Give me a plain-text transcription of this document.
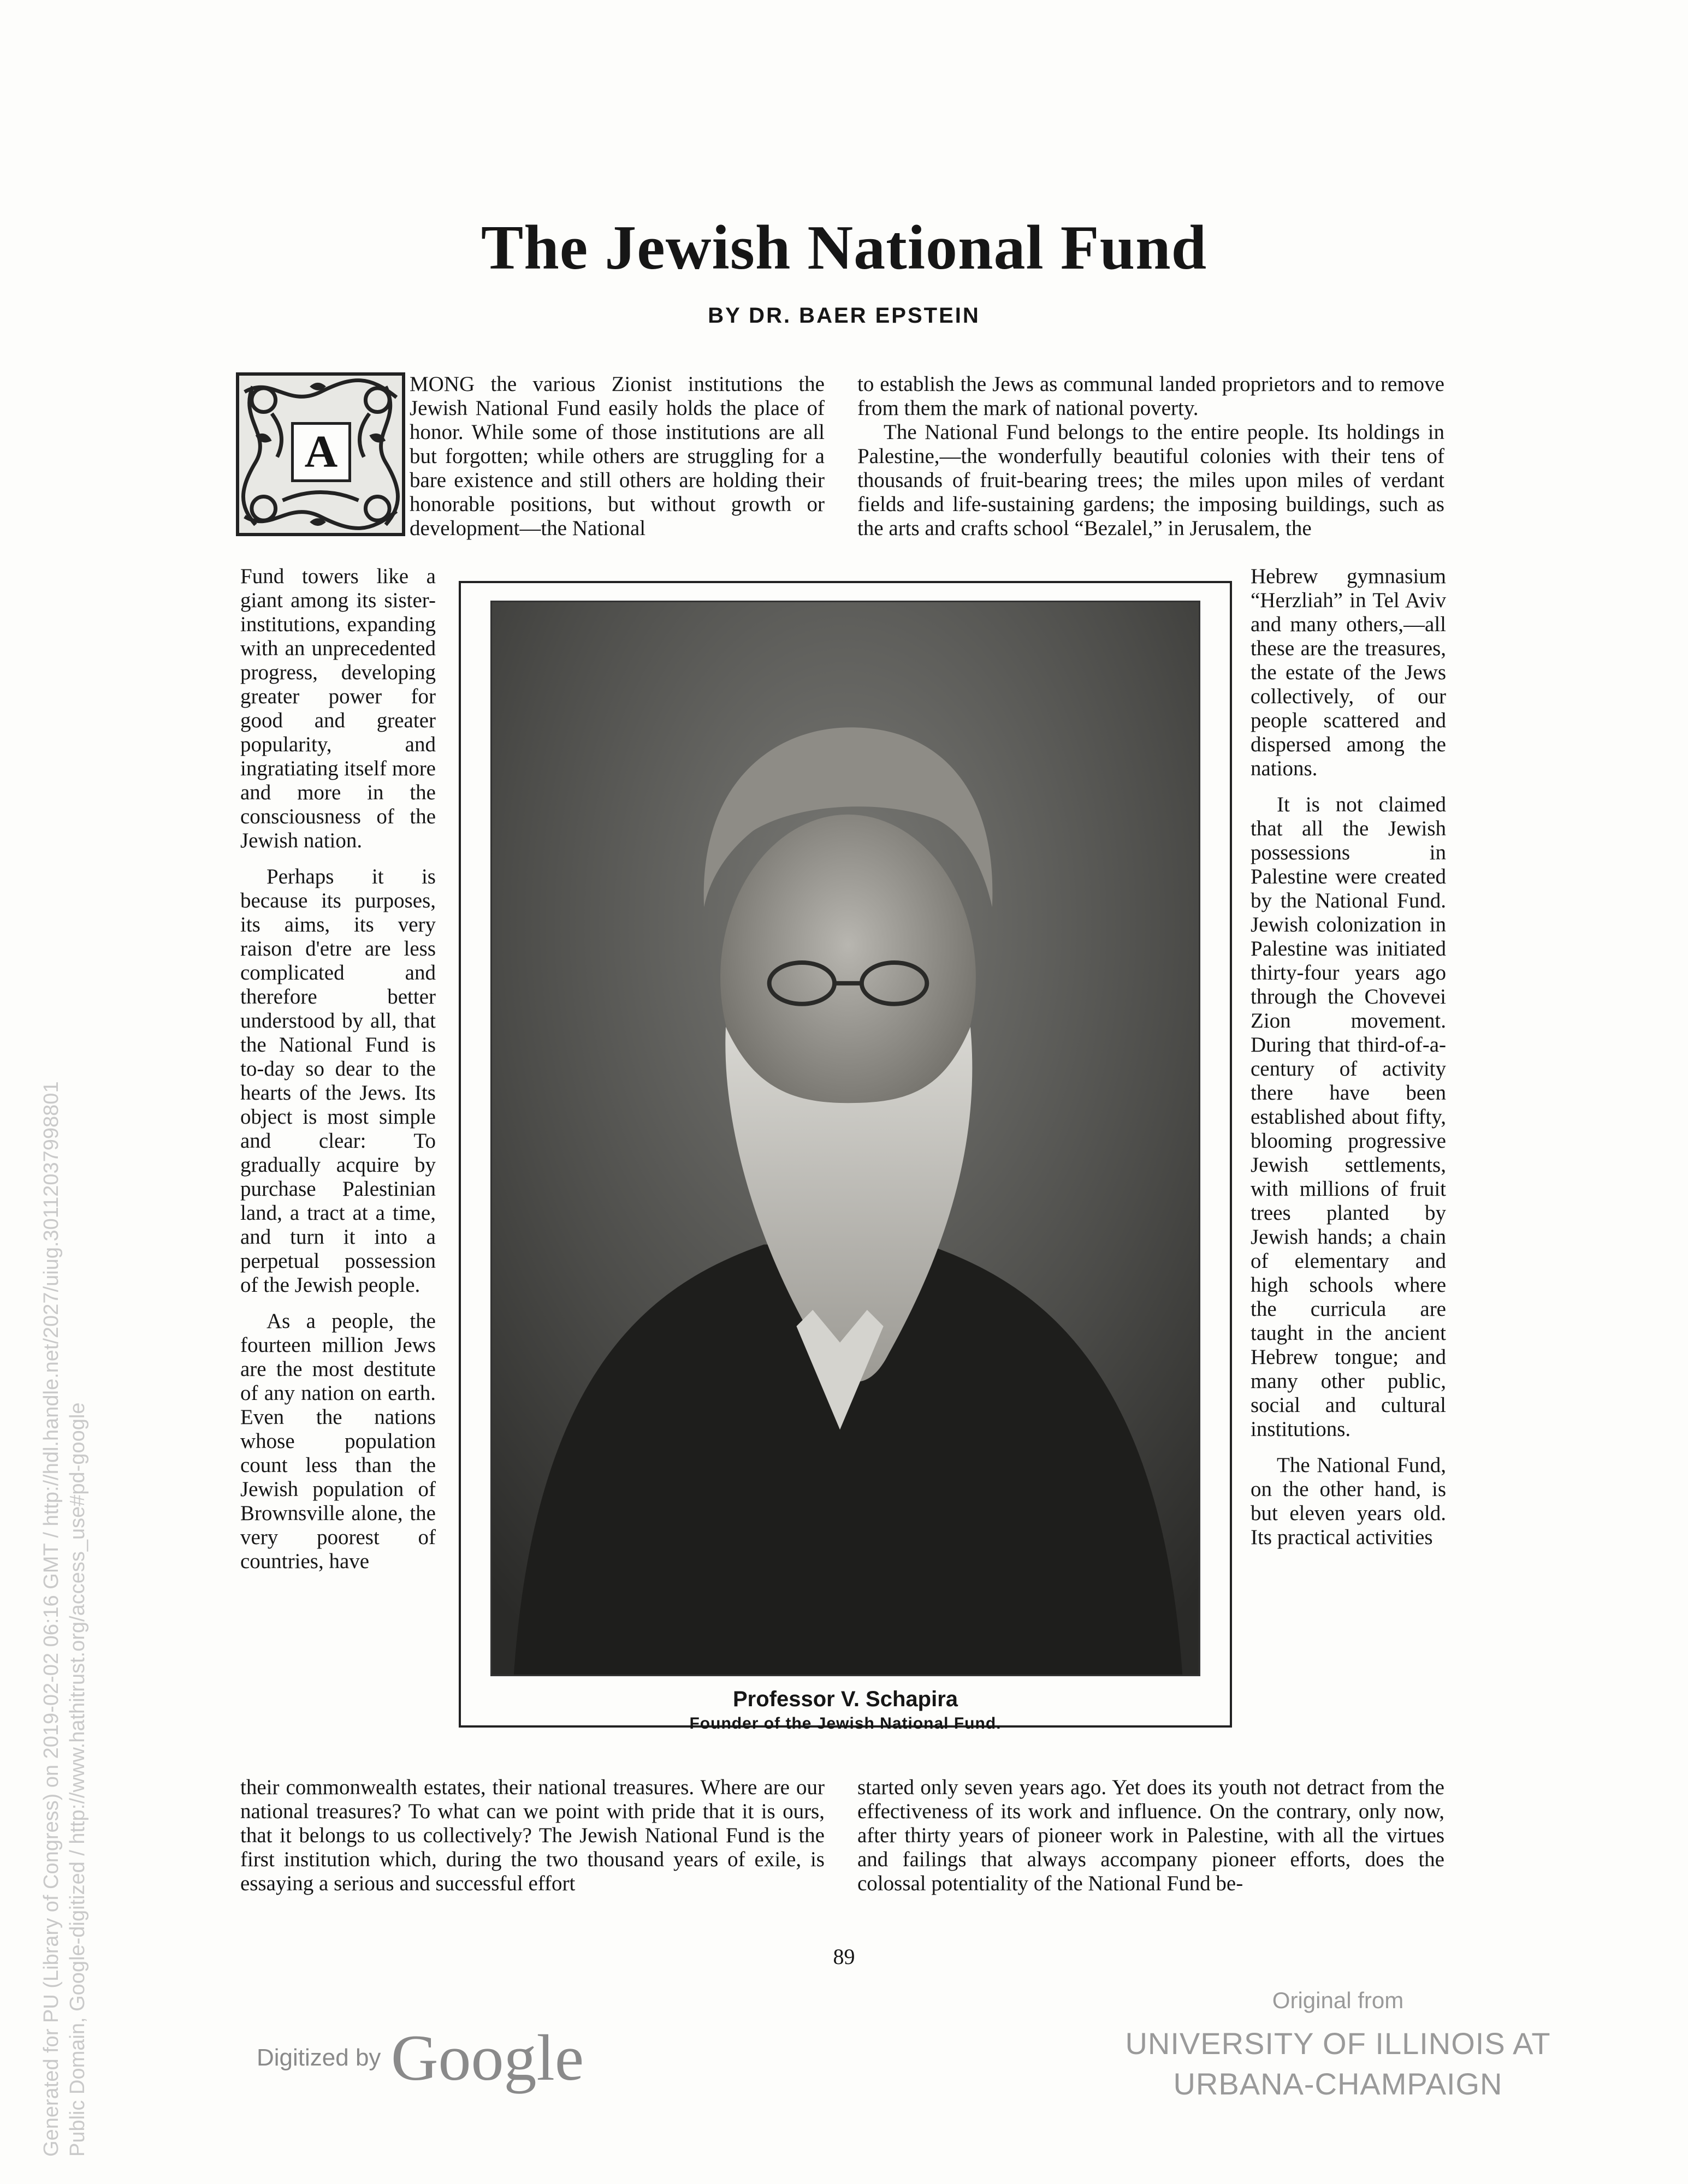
The Jewish National Fund
BY DR. BAER EPSTEIN
A

MONG the various Zionist institutions the Jewish National Fund easily holds the place of honor. While some of those institutions are all but forgotten; while others are struggling for a bare existence and still others are holding their honorable positions, but without growth or development—the National

Fund towers like a giant among its sister-institutions, expanding with an unprecedented progress, developing greater power for good and greater popularity, and ingratiating itself more and more in the consciousness of the Jewish nation.

Perhaps it is because its purposes, its aims, its very raison d'etre are less complicated and therefore better understood by all, that the National Fund is to-day so dear to the hearts of the Jews. Its object is most simple and clear: To gradually acquire by purchase Palestinian land, a tract at a time, and turn it into a perpetual possession of the Jewish people.

As a people, the fourteen million Jews are the most destitute of any nation on earth. Even the nations whose population count less than the Jewish population of Brownsville alone, the very poorest of countries, have

their commonwealth estates, their national treasures. Where are our national treasures? To what can we point with pride that it is ours, that it belongs to us collectively? The Jewish National Fund is the first institution which, during the two thousand years of exile, is essaying a serious and successful effort

to establish the Jews as communal landed proprietors and to remove from them the mark of national poverty.

The National Fund belongs to the entire people. Its holdings in Palestine,—the wonderfully beautiful colonies with their tens of thousands of fruit-bearing trees; the miles upon miles of verdant fields and life-sustaining gardens; the imposing buildings, such as the arts and crafts school “Bezalel,” in Jerusalem, the

Hebrew gymnasium “Herzliah” in Tel Aviv and many others,—all these are the treasures, the estate of the Jews collectively, of our people scattered and dispersed among the nations.

It is not claimed that all the Jewish possessions in Palestine were created by the National Fund. Jewish colonization in Palestine was initiated thirty-four years ago through the Chovevei Zion movement. During that third-of-a-century of activity there have been established about fifty, blooming progressive Jewish settlements, with millions of fruit trees planted by Jewish hands; a chain of elementary and high schools where the curricula are taught in the ancient Hebrew tongue; and many other public, social and cultural institutions.

The National Fund, on the other hand, is but eleven years old. Its practical activities

started only seven years ago. Yet does its youth not detract from the effectiveness of its work and influence. On the contrary, only now, after thirty years of pioneer work in Palestine, with all the virtues and failings that always accompany pioneer efforts, does the colossal potentiality of the National Fund be-

Professor V. Schapira
Founder of the Jewish National Fund.
89
Digitized by Google
Original from
UNIVERSITY OF ILLINOIS AT
URBANA-CHAMPAIGN
Generated for PU (Library of Congress) on 2019-02-02 06:16 GMT / http://hdl.handle.net/2027/uiug.30112037998801 Public Domain, Google-digitized / http://www.hathitrust.org/access_use#pd-google
